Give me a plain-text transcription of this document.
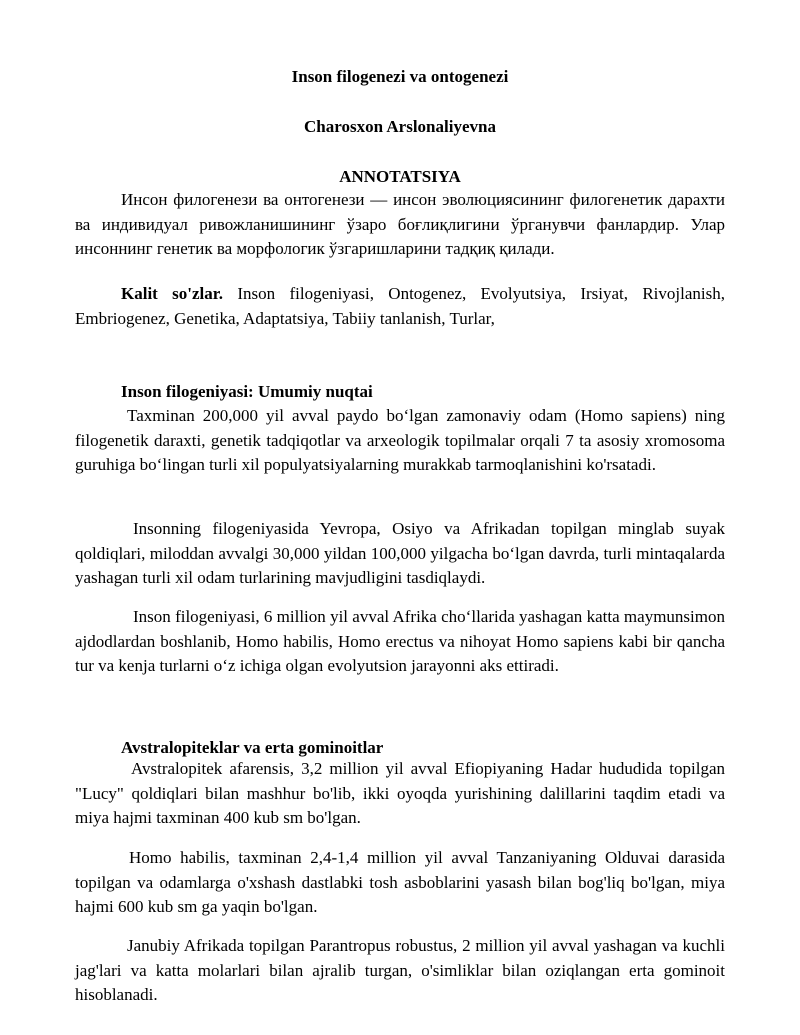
Inson filogenezi va ontogenezi
Charosxon Arslonaliyevna
ANNOTATSIYA
Инсон филогенези ва онтогенези — инсон эволюциясининг филогенетик дарахти ва индивидуал ривожланишининг ўзаро боғлиқлигини ўрганувчи фанлардир. Улар инсоннинг генетик ва морфологик ўзгаришларини тадқиқ қилади.
Kalit so'zlar. Inson filogeniyasi, Ontogenez, Evolyutsiya, Irsiyat, Rivojlanish, Embriogenez, Genetika, Adaptatsiya, Tabiiy tanlanish, Turlar,
Inson filogeniyasi: Umumiy nuqtai
Taxminan 200,000 yil avval paydo bo‘lgan zamonaviy odam (Homo sapiens) ning filogenetik daraxti, genetik tadqiqotlar va arxeologik topilmalar orqali 7 ta asosiy xromosoma guruhiga bo‘lingan turli xil populyatsiyalarning murakkab tarmoqlanishini ko'rsatadi.
Insonning filogeniyasida Yevropa, Osiyo va Afrikadan topilgan minglab suyak qoldiqlari, miloddan avvalgi 30,000 yildan 100,000 yilgacha bo‘lgan davrda, turli mintaqalarda yashagan turli xil odam turlarining mavjudligini tasdiqlaydi.
Inson filogeniyasi, 6 million yil avval Afrika cho‘llarida yashagan katta maymunsimon ajdodlardan boshlanib, Homo habilis, Homo erectus va nihoyat Homo sapiens kabi bir qancha tur va kenja turlarni o‘z ichiga olgan evolyutsion jarayonni aks ettiradi.
Avstralopiteklar va erta gominoitlar
Avstralopitek afarensis, 3,2 million yil avval Efiopiyaning Hadar hududida topilgan "Lucy" qoldiqlari bilan mashhur bo'lib, ikki oyoqda yurishining dalillarini taqdim etadi va miya hajmi taxminan 400 kub sm bo'lgan.
Homo habilis, taxminan 2,4-1,4 million yil avval Tanzaniyaning Olduvai darasida topilgan va odamlarga o'xshash dastlabki tosh asboblarini yasash bilan bog'liq bo'lgan, miya hajmi 600 kub sm ga yaqin bo'lgan.
Janubiy Afrikada topilgan Parantropus robustus, 2 million yil avval yashagan va kuchli jag'lari va katta molarlari bilan ajralib turgan, o'simliklar bilan oziqlangan erta gominoit hisoblanadi.
